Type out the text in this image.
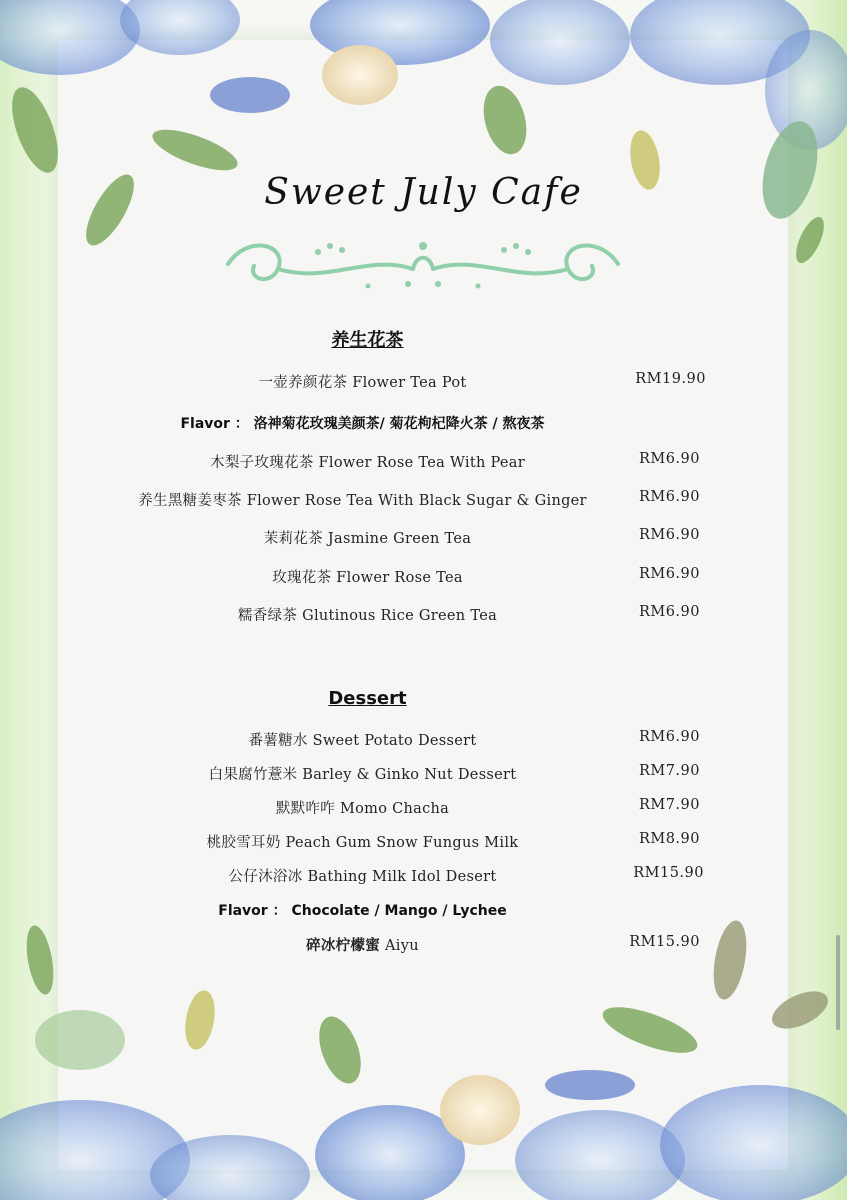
Sweet July Cafe
养生花茶
一壶养颜花茶 Flower Tea Pot	RM19.90
Flavor ： 洛神菊花玫瑰美颜茶/ 菊花枸杞降火茶 / 熬夜茶
木梨子玫瑰花茶 Flower Rose Tea With Pear	RM6.90
养生黑糖姜枣茶 Flower Rose Tea With Black Sugar & Ginger	RM6.90
茉莉花茶 Jasmine Green Tea	RM6.90
玫瑰花茶 Flower Rose Tea	RM6.90
糯香绿茶 Glutinous Rice Green Tea	RM6.90
Dessert
番薯糖水 Sweet Potato Dessert	RM6.90
白果腐竹薏米 Barley & Ginko Nut Dessert	RM7.90
默默咋咋 Momo Chacha	RM7.90
桃胶雪耳奶 Peach Gum Snow Fungus Milk	RM8.90
公仔沐浴冰 Bathing Milk Idol Desert	RM15.90
Flavor ： Chocolate / Mango / Lychee
碎冰柠檬蜜 Aiyu	RM15.90
